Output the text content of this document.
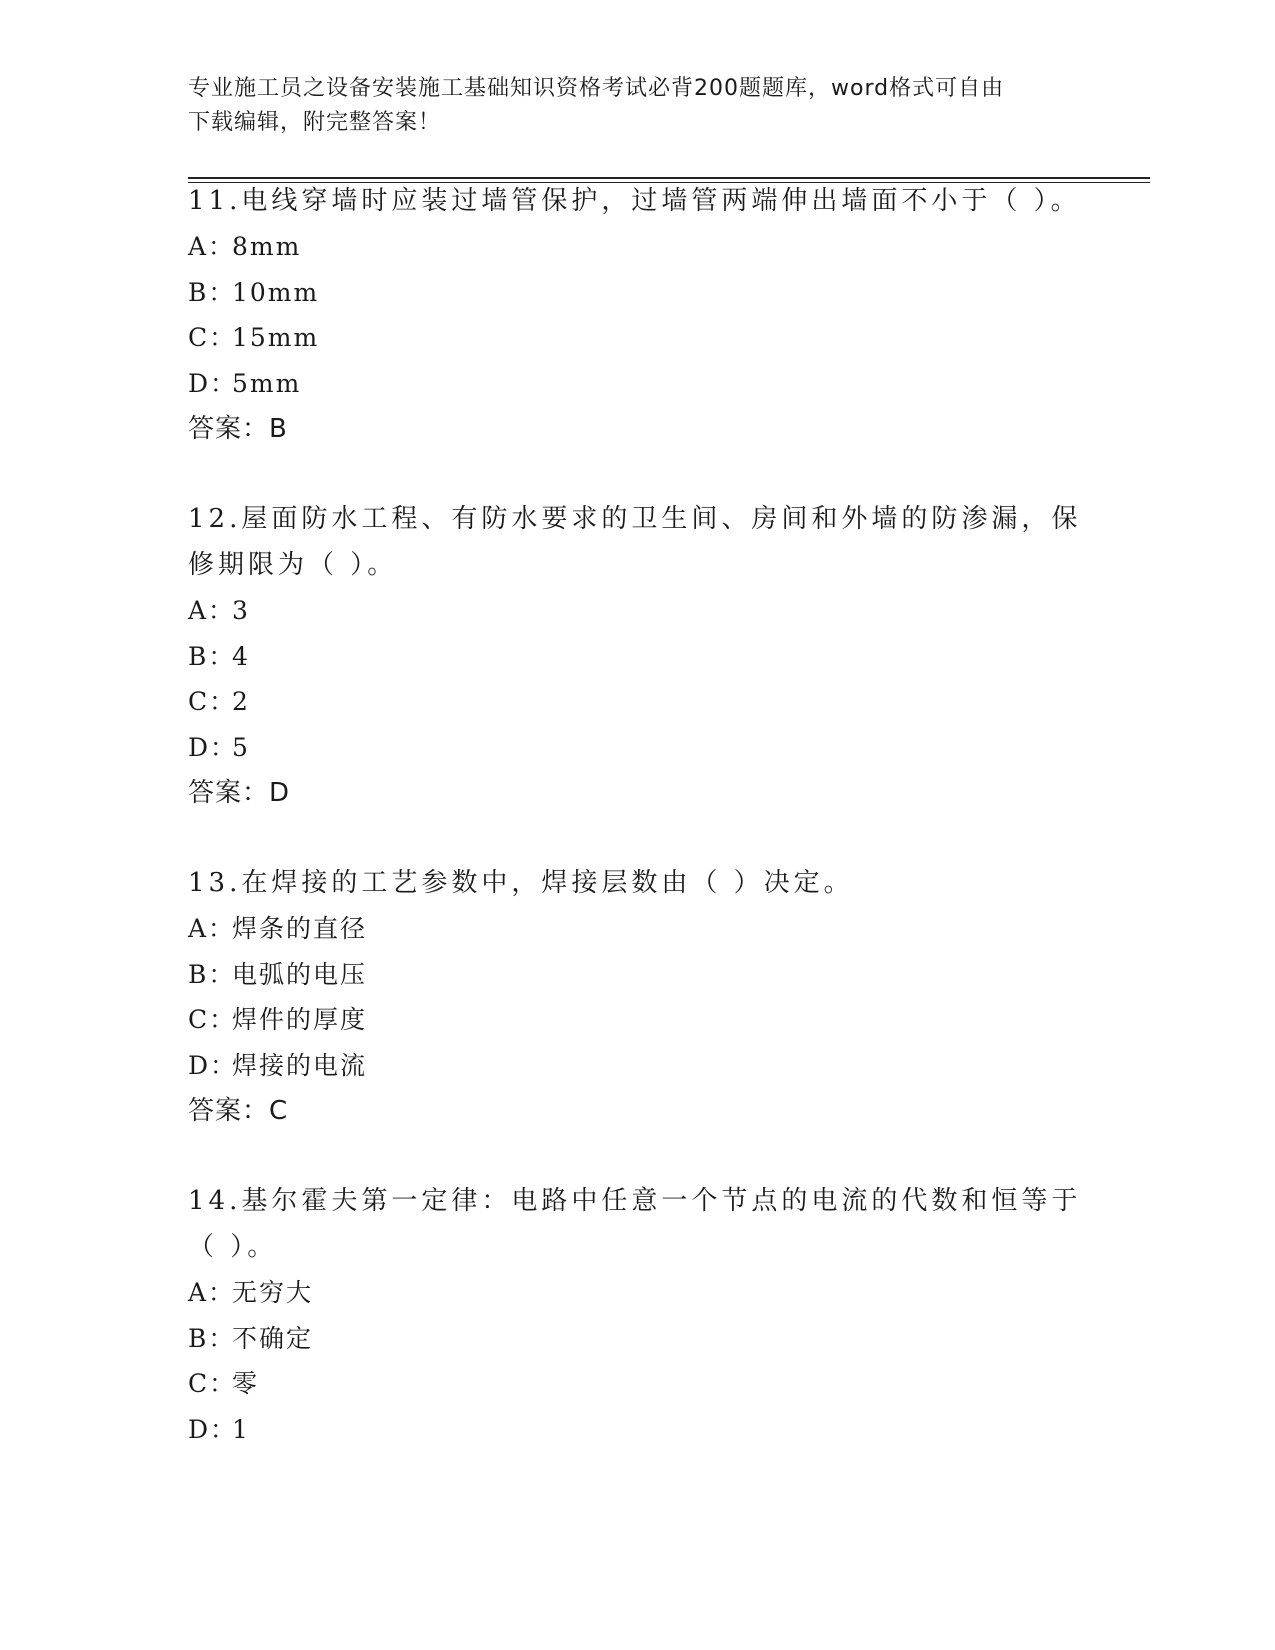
专业施工员之设备安装施工基础知识资格考试必背200题题库，word格式可自由
下载编辑，附完整答案！

11.电线穿墙时应装过墙管保护，过墙管两端伸出墙面不小于（ ）。

A：8mm

B：10mm

C：15mm

D：5mm

答案：B

12.屋面防水工程、有防水要求的卫生间、房间和外墙的防渗漏，保修期限为（ ）。

A：3

B：4

C：2

D：5

答案：D

13.在焊接的工艺参数中，焊接层数由（ ）决定。

A：焊条的直径

B：电弧的电压

C：焊件的厚度

D：焊接的电流

答案：C

14.基尔霍夫第一定律：电路中任意一个节点的电流的代数和恒等于（ ）。

A：无穷大

B：不确定

C：零

D：1
